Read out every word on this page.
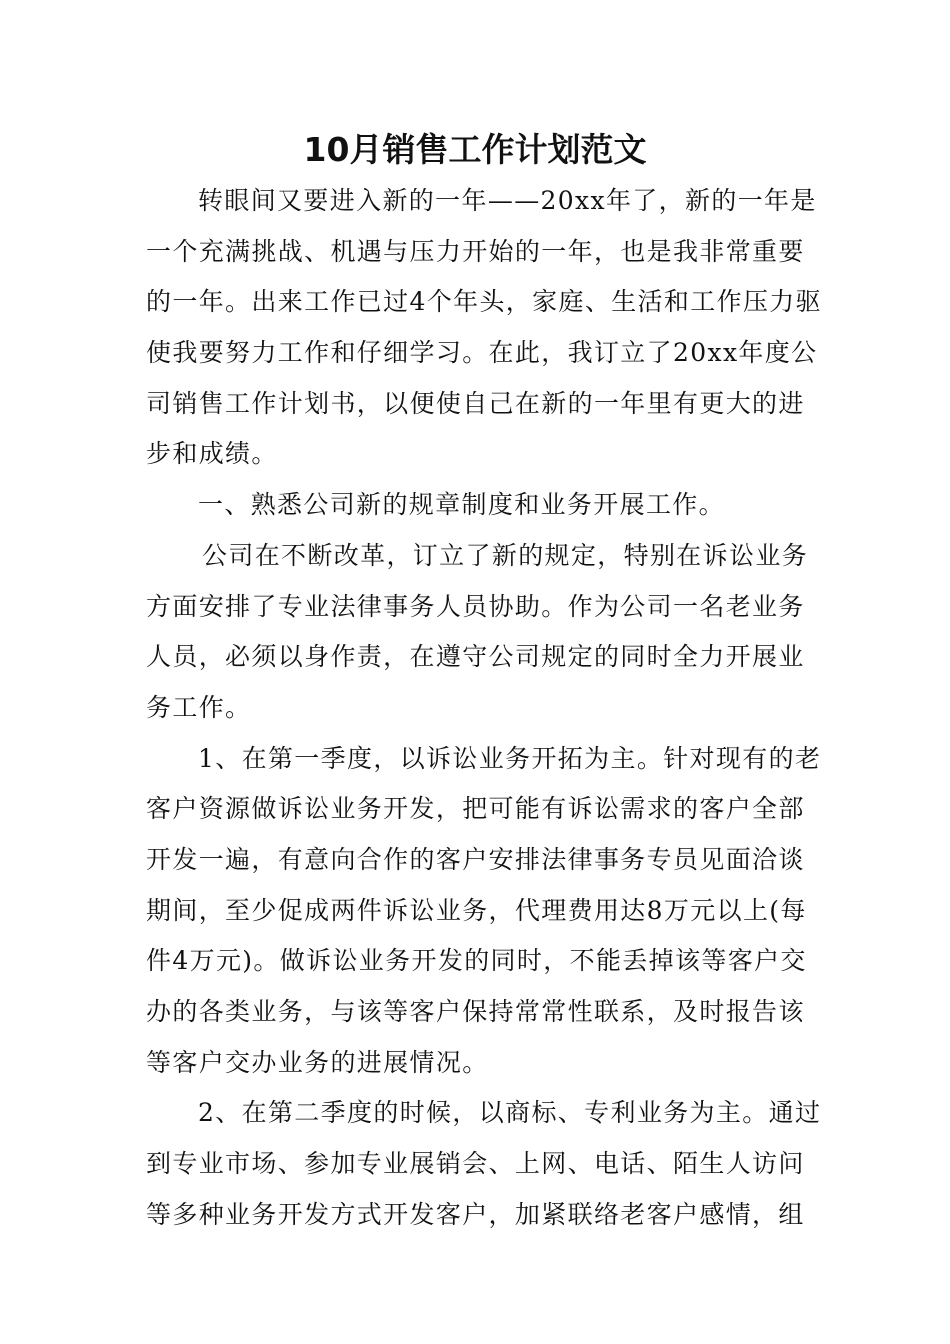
10月销售工作计划范文

转眼间又要进入新的一年——20xx年了，新的一年是
一个充满挑战、机遇与压力开始的一年，也是我非常重要
的一年。出来工作已过4个年头，家庭、生活和工作压力驱
使我要努力工作和仔细学习。在此，我订立了20xx年度公
司销售工作计划书，以便使自己在新的一年里有更大的进
步和成绩。

一、熟悉公司新的规章制度和业务开展工作。

公司在不断改革，订立了新的规定，特别在诉讼业务
方面安排了专业法律事务人员协助。作为公司一名老业务
人员，必须以身作责，在遵守公司规定的同时全力开展业
务工作。

1、在第一季度，以诉讼业务开拓为主。针对现有的老
客户资源做诉讼业务开发，把可能有诉讼需求的客户全部
开发一遍，有意向合作的客户安排法律事务专员见面洽谈
期间，至少促成两件诉讼业务，代理费用达8万元以上(每
件4万元)。做诉讼业务开发的同时，不能丢掉该等客户交
办的各类业务，与该等客户保持常常性联系，及时报告该
等客户交办业务的进展情况。

2、在第二季度的时候，以商标、专利业务为主。通过
到专业市场、参加专业展销会、上网、电话、陌生人访问
等多种业务开发方式开发客户，加紧联络老客户感情，组
